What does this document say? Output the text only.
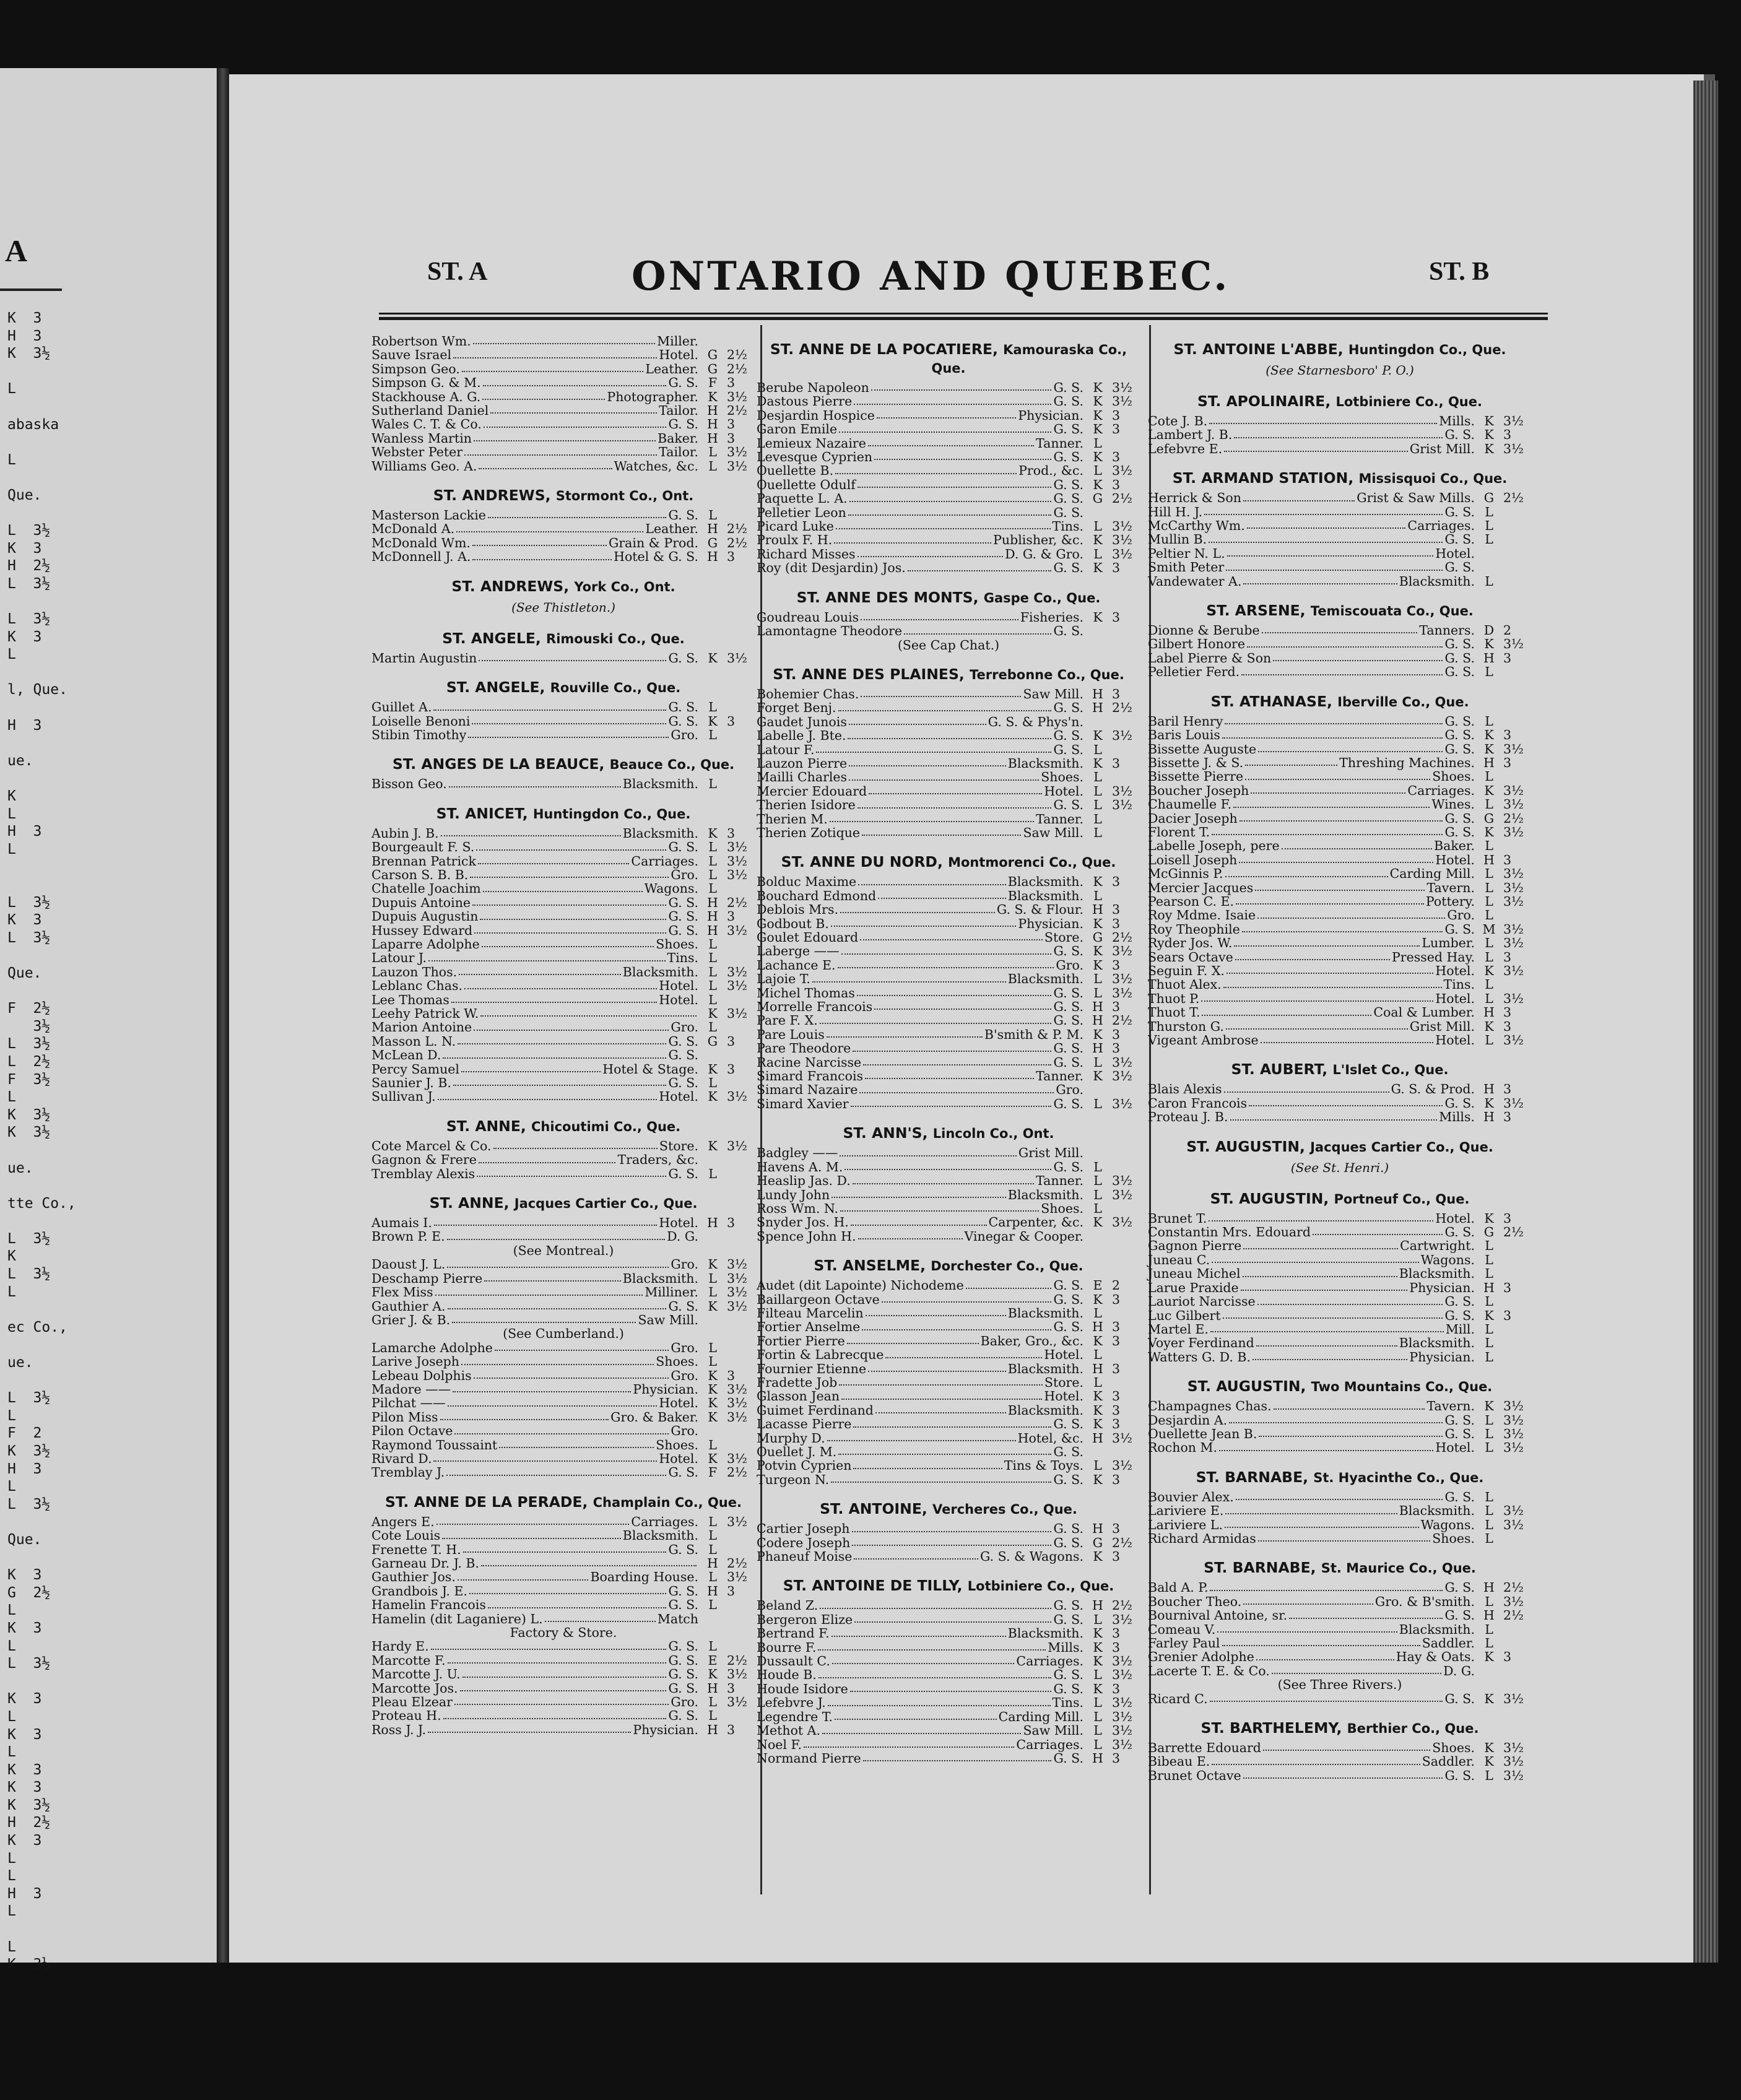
A
K  3
H  3
K  3½
L
abaska
L
Que.
L  3½
K  3
H  2½
L  3½
L  3½
K  3
L
l, Que.
H  3
ue.
K
L
H  3
L
L  3½
K  3
L  3½
Que.
F  2½
3½
L  3½
L  2½
F  3½
L
K  3½
K  3½
ue.
tte Co.,
L  3½
K
L  3½
L
ec Co.,
ue.
L  3½
L
F  2
K  3½
H  3
L
L  3½
Que.
K  3
G  2½
L
K  3
L
L  3½
K  3
L
K  3
L
K  3
K  3
K  3½
H  2½
K  3
L
L
H  3
L
L
K  3½
ST. A	ONTARIO AND QUEBEC.	ST. B
Robertson Wm.	Miller.
Sauve Israel	Hotel. G 2½
Simpson Geo.	Leather. G 2½
Simpson G. & M.	G. S. F 3
Stackhouse A. G.	Photographer. K 3½
Sutherland Daniel	Tailor. H 2½
Wales C. T. & Co.	G. S. H 3
Wanless Martin	Baker. H 3
Webster Peter	Tailor. L 3½
Williams Geo. A.	Watches, &c. L 3½
ST. ANDREWS, Stormont Co., Ont.
Masterson Lackie	G. S. L
McDonald A.	Leather. H 2½
McDonald Wm.	Grain & Prod. G 2½
McDonnell J. A.	Hotel & G. S. H 3
ST. ANDREWS, York Co., Ont.
(See Thistleton.)
ST. ANGELE, Rimouski Co., Que.
Martin Augustin	G. S. K 3½
ST. ANGELE, Rouville Co., Que.
Guillet A.	G. S. L
Loiselle Benoni	G. S. K 3
Stibin Timothy	Gro. L
ST. ANGES DE LA BEAUCE, Beauce Co., Que.
Bisson Geo.	Blacksmith. L
ST. ANICET, Huntingdon Co., Que.
Aubin J. B.	Blacksmith. K 3
Bourgeault F. S.	G. S. L 3½
Brennan Patrick	Carriages. L 3½
Carson S. B. B.	Gro. L 3½
Chatelle Joachim	Wagons. L
Dupuis Antoine	G. S. H 2½
Dupuis Augustin	G. S. H 3
Hussey Edward	G. S. H 3½
Laparre Adolphe	Shoes. L
Latour J.	Tins. L
Lauzon Thos.	Blacksmith. L 3½
Leblanc Chas.	Hotel. L 3½
Lee Thomas	Hotel. L
Leehy Patrick W.	K 3½
Marion Antoine	Gro. L
Masson L. N.	G. S. G 3
McLean D.	G. S.
Percy Samuel	Hotel & Stage. K 3
Saunier J. B.	G. S. L
Sullivan J.	Hotel. K 3½
ST. ANNE, Chicoutimi Co., Que.
Cote Marcel & Co.	Store. K 3½
Gagnon & Frere	Traders, &c.
Tremblay Alexis	G. S. L
ST. ANNE, Jacques Cartier Co., Que.
Aumais I.	Hotel. H 3
Brown P. E.	D. G.
(See Montreal.)
Daoust J. L.	Gro. K 3½
Deschamp Pierre	Blacksmith. L 3½
Flex Miss	Milliner. L 3½
Gauthier A.	G. S. K 3½
Grier J. & B.	Saw Mill.
(See Cumberland.)
Lamarche Adolphe	Gro. L
Larive Joseph	Shoes. L
Lebeau Dolphis	Gro. K 3
Madore ——	Physician. K 3½
Pilchat ——	Hotel. K 3½
Pilon Miss	Gro. & Baker. K 3½
Pilon Octave	Gro.
Raymond Toussaint	Shoes. L
Rivard D.	Hotel. K 3½
Tremblay J.	G. S. F 2½
ST. ANNE DE LA PERADE, Champlain Co., Que.
Angers E.	Carriages. L 3½
Cote Louis	Blacksmith. L
Frenette T. H.	G. S. L
Garneau Dr. J. B.	H 2½
Gauthier Jos.	Boarding House. L 3½
Grandbois J. E.	G. S. H 3
Hamelin Francois	G. S. L
Hamelin (dit Laganiere) L.	Match
Factory & Store.
Hardy E.	G. S. L
Marcotte F.	G. S. E 2½
Marcotte J. U.	G. S. K 3½
Marcotte Jos.	G. S. H 3
Pleau Elzear	Gro. L 3½
Proteau H.	G. S. L
Ross J. J.	Physician. H 3
ST. ANNE DE LA POCATIERE, Kamouraska Co., Que.
Berube Napoleon	G. S. K 3½
Dastous Pierre	G. S. K 3½
Desjardin Hospice	Physician. K 3
Garon Emile	G. S. K 3
Lemieux Nazaire	Tanner. L
Levesque Cyprien	G. S. K 3
Ouellette B.	Prod., &c. L 3½
Ouellette Odulf	G. S. K 3
Paquette L. A.	G. S. G 2½
Pelletier Leon	G. S.
Picard Luke	Tins. L 3½
Proulx F. H.	Publisher, &c. K 3½
Richard Misses	D. G. & Gro. L 3½
Roy (dit Desjardin) Jos.	G. S. K 3
ST. ANNE DES MONTS, Gaspe Co., Que.
Goudreau Louis	Fisheries. K 3
Lamontagne Theodore	G. S.
(See Cap Chat.)
ST. ANNE DES PLAINES, Terrebonne Co., Que.
Bohemier Chas.	Saw Mill. H 3
Forget Benj.	G. S. H 2½
Gaudet Junois	G. S. & Phys'n.
Labelle J. Bte.	G. S. K 3½
Latour F.	G. S. L
Lauzon Pierre	Blacksmith. K 3
Mailli Charles	Shoes. L
Mercier Edouard	Hotel. L 3½
Therien Isidore	G. S. L 3½
Therien M.	Tanner. L
Therien Zotique	Saw Mill. L
ST. ANNE DU NORD, Montmorenci Co., Que.
Bolduc Maxime	Blacksmith. K 3
Bouchard Edmond	Blacksmith. L
Deblois Mrs.	G. S. & Flour. H 3
Godbout B.	Physician. K 3
Goulet Edouard	Store. G 2½
Laberge ——	G. S. K 3½
Lachance E.	Gro. K 3
Lajoie T.	Blacksmith. L 3½
Michel Thomas	G. S. L 3½
Morrelle Francois	G. S. H 3
Pare F. X.	G. S. H 2½
Pare Louis	B'smith & P. M. K 3
Pare Theodore	G. S. H 3
Racine Narcisse	G. S. L 3½
Simard Francois	Tanner. K 3½
Simard Nazaire	Gro.
Simard Xavier	G. S. L 3½
ST. ANN'S, Lincoln Co., Ont.
Badgley ——	Grist Mill.
Havens A. M.	G. S. L
Heaslip Jas. D.	Tanner. L 3½
Lundy John	Blacksmith. L 3½
Ross Wm. N.	Shoes. L
Snyder Jos. H.	Carpenter, &c. K 3½
Spence John H.	Vinegar & Cooper.
ST. ANSELME, Dorchester Co., Que.
Audet (dit Lapointe) Nichodeme	G. S. E 2
Baillargeon Octave	G. S. K 3
Filteau Marcelin	Blacksmith. L
Fortier Anselme	G. S. H 3
Fortier Pierre	Baker, Gro., &c. K 3
Fortin & Labrecque	Hotel. L
Fournier Etienne	Blacksmith. H 3
Fradette Job	Store. L
Glasson Jean	Hotel. K 3
Guimet Ferdinand	Blacksmith. K 3
Lacasse Pierre	G. S. K 3
Murphy D.	Hotel, &c. H 3½
Ouellet J. M.	G. S.
Potvin Cyprien	Tins & Toys. L 3½
Turgeon N.	G. S. K 3
ST. ANTOINE, Vercheres Co., Que.
Cartier Joseph	G. S. H 3
Codere Joseph	G. S. G 2½
Phaneuf Moise	G. S. & Wagons. K 3
ST. ANTOINE DE TILLY, Lotbiniere Co., Que.
Beland Z.	G. S. H 2½
Bergeron Elize	G. S. L 3½
Bertrand F.	Blacksmith. K 3
Bourre F.	Mills. K 3
Dussault C.	Carriages. K 3½
Houde B.	G. S. L 3½
Houde Isidore	G. S. K 3
Lefebvre J.	Tins. L 3½
Legendre T.	Carding Mill. L 3½
Methot A.	Saw Mill. L 3½
Noel F.	Carriages. L 3½
Normand Pierre	G. S. H 3
ST. ANTOINE L'ABBE, Huntingdon Co., Que.
(See Starnesboro' P. O.)
ST. APOLINAIRE, Lotbiniere Co., Que.
Cote J. B.	Mills. K 3½
Lambert J. B.	G. S. K 3
Lefebvre E.	Grist Mill. K 3½
ST. ARMAND STATION, Missisquoi Co., Que.
Herrick & Son	Grist & Saw Mills. G 2½
Hill H. J.	G. S. L
McCarthy Wm.	Carriages. L
Mullin B.	G. S. L
Peltier N. L.	Hotel.
Smith Peter	G. S.
Vandewater A.	Blacksmith. L
ST. ARSENE, Temiscouata Co., Que.
Dionne & Berube	Tanners. D 2
Gilbert Honore	G. S. K 3½
Label Pierre & Son	G. S. H 3
Pelletier Ferd.	G. S. L
ST. ATHANASE, Iberville Co., Que.
Baril Henry	G. S. L
Baris Louis	G. S. K 3
Bissette Auguste	G. S. K 3½
Bissette J. & S.	Threshing Machines. H 3
Bissette Pierre	Shoes. L
Boucher Joseph	Carriages. K 3½
Chaumelle F.	Wines. L 3½
Dacier Joseph	G. S. G 2½
Florent T.	G. S. K 3½
Labelle Joseph, pere	Baker. L
Loisell Joseph	Hotel. H 3
McGinnis P.	Carding Mill. L 3½
Mercier Jacques	Tavern. L 3½
Pearson C. E.	Pottery. L 3½
Roy Mdme. Isaie	Gro. L
Roy Theophile	G. S. M 3½
Ryder Jos. W.	Lumber. L 3½
Sears Octave	Pressed Hay. L 3
Seguin F. X.	Hotel. K 3½
Thuot Alex.	Tins. L
Thuot P.	Hotel. L 3½
Thuot T.	Coal & Lumber. H 3
Thurston G.	Grist Mill. K 3
Vigeant Ambrose	Hotel. L 3½
ST. AUBERT, L'Islet Co., Que.
Blais Alexis	G. S. & Prod. H 3
Caron Francois	G. S. K 3½
Proteau J. B.	Mills. H 3
ST. AUGUSTIN, Jacques Cartier Co., Que.
(See St. Henri.)
ST. AUGUSTIN, Portneuf Co., Que.
Brunet T.	Hotel. K 3
Constantin Mrs. Edouard	G. S. G 2½
Gagnon Pierre	Cartwright. L
Juneau C.	Wagons. L
Juneau Michel	Blacksmith. L
Larue Praxide	Physician. H 3
Lauriot Narcisse	G. S. L
Luc Gilbert	G. S. K 3
Martel E.	Mill. L
Voyer Ferdinand	Blacksmith. L
Watters G. D. B.	Physician. L
ST. AUGUSTIN, Two Mountains Co., Que.
Champagnes Chas.	Tavern. K 3½
Desjardin A.	G. S. L 3½
Ouellette Jean B.	G. S. L 3½
Rochon M.	Hotel. L 3½
ST. BARNABE, St. Hyacinthe Co., Que.
Bouvier Alex.	G. S. L
Lariviere E.	Blacksmith. L 3½
Lariviere L.	Wagons. L 3½
Richard Armidas	Shoes. L
ST. BARNABE, St. Maurice Co., Que.
Bald A. P.	G. S. H 2½
Boucher Theo.	Gro. & B'smith. L 3½
Bournival Antoine, sr.	G. S. H 2½
Comeau V.	Blacksmith. L
Farley Paul	Saddler. L
Grenier Adolphe	Hay & Oats. K 3
Lacerte T. E. & Co.	D. G.
(See Three Rivers.)
Ricard C.	G. S. K 3½
ST. BARTHELEMY, Berthier Co., Que.
Barrette Edouard	Shoes. K 3½
Bibeau E.	Saddler. K 3½
Brunet Octave	G. S. L 3½
